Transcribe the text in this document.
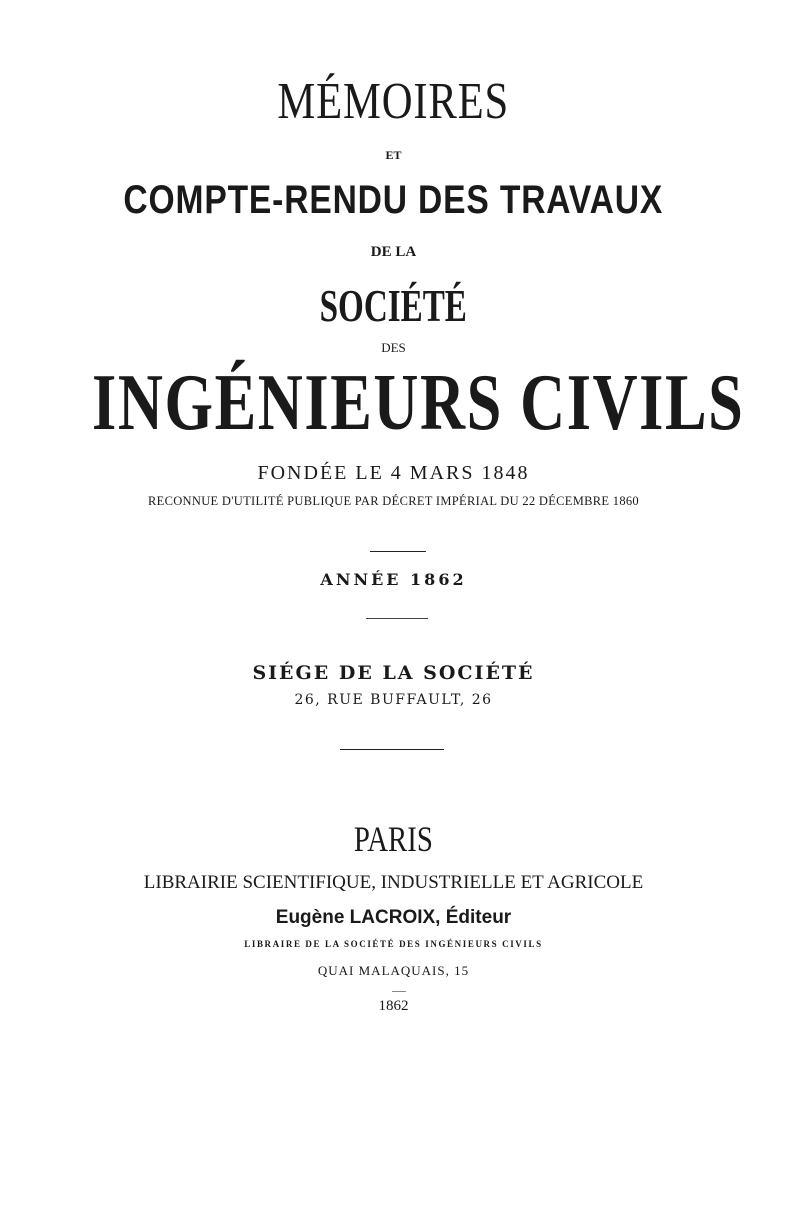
MÉMOIRES
ET
COMPTE-RENDU DES TRAVAUX
DE LA
SOCIÉTÉ
DES
INGÉNIEURS CIVILS
FONDÉE LE 4 MARS 1848
RECONNUE D'UTILITÉ PUBLIQUE PAR DÉCRET IMPÉRIAL DU 22 DÉCEMBRE 1860
ANNÉE 1862
SIÉGE DE LA SOCIÉTÉ
26, RUE BUFFAULT, 26
PARIS
LIBRAIRIE SCIENTIFIQUE, INDUSTRIELLE ET AGRICOLE
Eugène LACROIX, Éditeur
LIBRAIRE DE LA SOCIÉTÉ DES INGÉNIEURS CIVILS
QUAI MALAQUAIS, 15
1862
